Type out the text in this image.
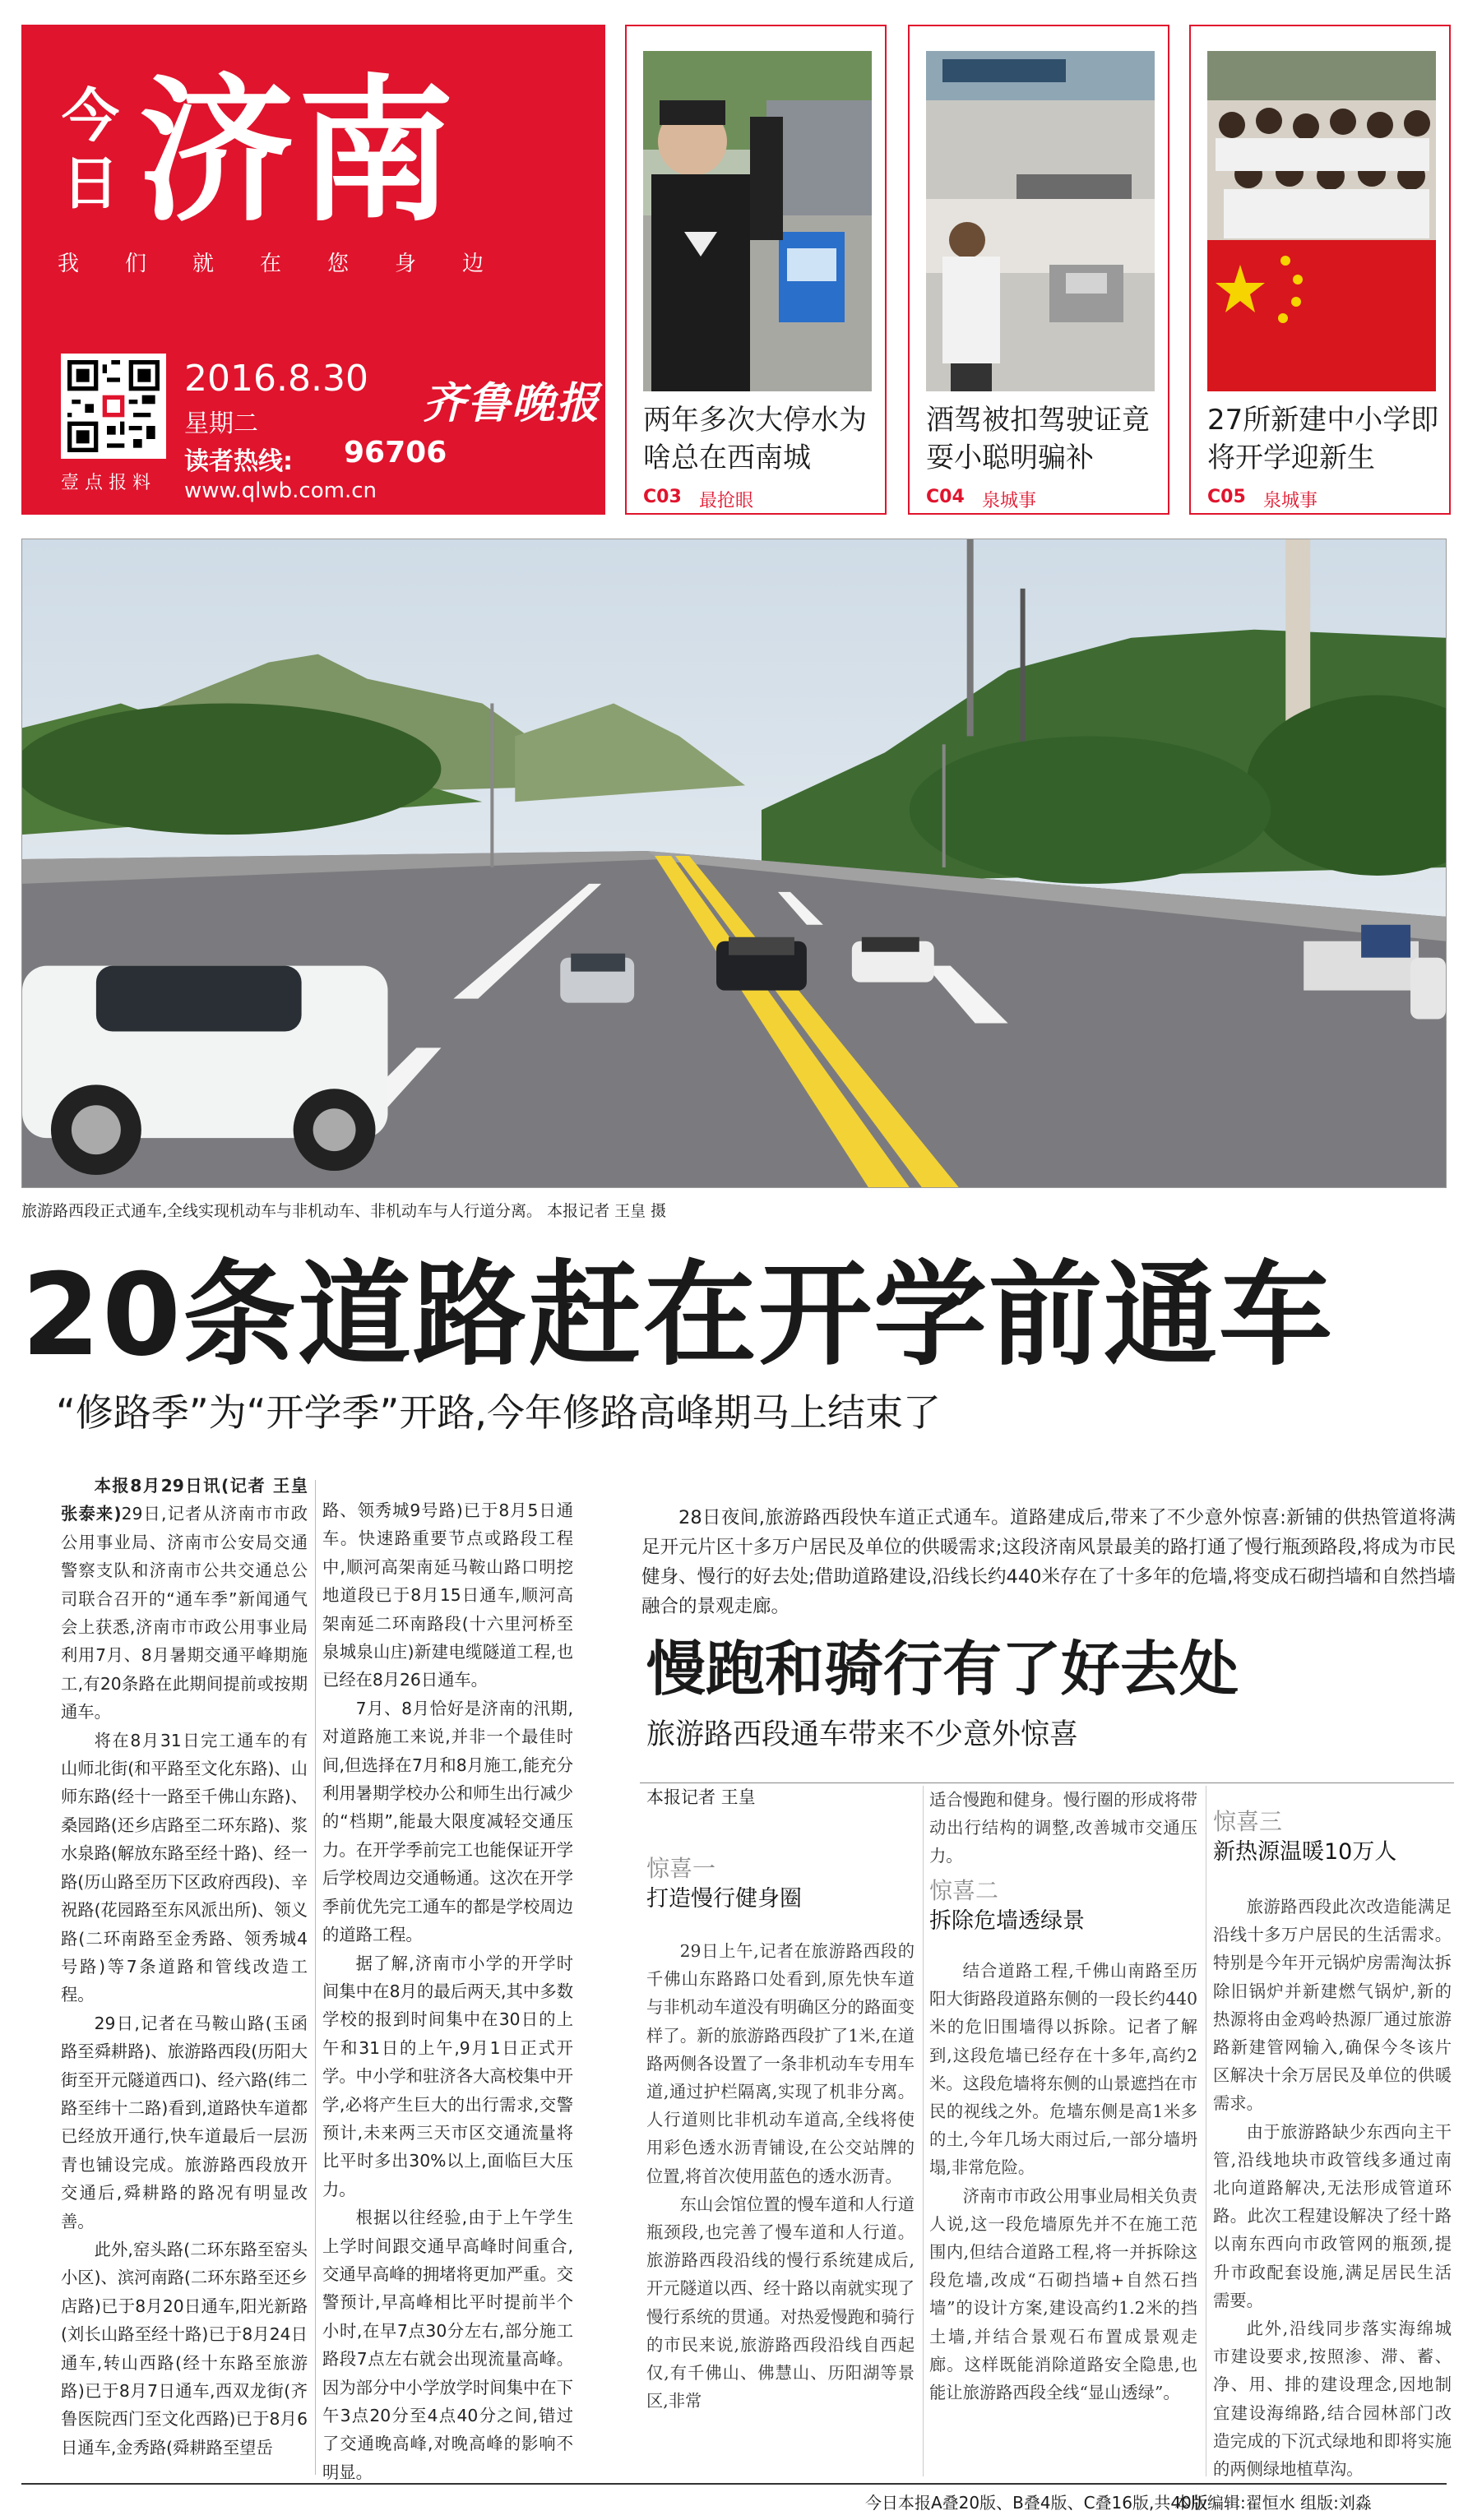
今日 济南
我们就在您身边
壹点报料
2016.8.30
星期二
读者热线: 96706
www.qlwb.com.cn
齐鲁晚报 两年多次大停水为啥总在西南城
C03 最抢眼
酒驾被扣驾驶证竟耍小聪明骗补
C04 泉城事
27所新建中小学即将开学迎新生
C05 泉城事
旅游路西段正式通车,全线实现机动车与非机动车、非机动车与人行道分离。 本报记者 王皇 摄
20条道路赶在开学前通车
“修路季”为“开学季”开路,今年修路高峰期马上结束了

本报8月29日讯(记者 王皇 张泰来)29日,记者从济南市市政公用事业局、济南市公安局交通警察支队和济南市公共交通总公司联合召开的“通车季”新闻通气会上获悉,济南市市政公用事业局利用7月、8月暑期交通平峰期施工,有20条路在此期间提前或按期通车。

将在8月31日完工通车的有山师北街(和平路至文化东路)、山师东路(经十一路至千佛山东路)、桑园路(还乡店路至二环东路)、浆水泉路(解放东路至经十路)、经一路(历山路至历下区政府西段)、辛祝路(花园路至东风派出所)、领义路(二环南路至金秀路、领秀城4号路)等7条道路和管线改造工程。

29日,记者在马鞍山路(玉函路至舜耕路)、旅游路西段(历阳大街至开元隧道西口)、经六路(纬二路至纬十二路)看到,道路快车道都已经放开通行,快车道最后一层沥青也铺设完成。旅游路西段放开交通后,舜耕路的路况有明显改善。

此外,窑头路(二环东路至窑头小区)、滨河南路(二环东路至还乡店路)已于8月20日通车,阳光新路(刘长山路至经十路)已于8月24日通车,转山西路(经十东路至旅游路)已于8月7日通车,西双龙街(齐鲁医院西门至文化西路)已于8月6日通车,金秀路(舜耕路至望岳

路、领秀城9号路)已于8月5日通车。快速路重要节点或路段工程中,顺河高架南延马鞍山路口明挖地道段已于8月15日通车,顺河高架南延二环南路段(十六里河桥至泉城泉山庄)新建电缆隧道工程,也已经在8月26日通车。

7月、8月恰好是济南的汛期,对道路施工来说,并非一个最佳时间,但选择在7月和8月施工,能充分利用暑期学校办公和师生出行减少的“档期”,能最大限度减轻交通压力。在开学季前完工也能保证开学后学校周边交通畅通。这次在开学季前优先完工通车的都是学校周边的道路工程。

据了解,济南市小学的开学时间集中在8月的最后两天,其中多数学校的报到时间集中在30日的上午和31日的上午,9月1日正式开学。中小学和驻济各大高校集中开学,必将产生巨大的出行需求,交警预计,未来两三天市区交通流量将比平时多出30%以上,面临巨大压力。

根据以往经验,由于上午学生上学时间跟交通早高峰时间重合,交通早高峰的拥堵将更加严重。交警预计,早高峰相比平时提前半个小时,在早7点30分左右,部分施工路段7点左右就会出现流量高峰。因为部分中小学放学时间集中在下午3点20分至4点40分之间,错过了交通晚高峰,对晚高峰的影响不明显。

28日夜间,旅游路西段快车道正式通车。道路建成后,带来了不少意外惊喜:新铺的供热管道将满足开元片区十多万户居民及单位的供暖需求;这段济南风景最美的路打通了慢行瓶颈路段,将成为市民健身、慢行的好去处;借助道路建设,沿线长约440米存在了十多年的危墙,将变成石砌挡墙和自然挡墙融合的景观走廊。
慢跑和骑行有了好去处
旅游路西段通车带来不少意外惊喜
本报记者 王皇
惊喜一
打造慢行健身圈

29日上午,记者在旅游路西段的千佛山东路路口处看到,原先快车道与非机动车道没有明确区分的路面变样了。新的旅游路西段扩了1米,在道路两侧各设置了一条非机动车专用车道,通过护栏隔离,实现了机非分离。人行道则比非机动车道高,全线将使用彩色透水沥青铺设,在公交站牌的位置,将首次使用蓝色的透水沥青。

东山会馆位置的慢车道和人行道瓶颈段,也完善了慢车道和人行道。旅游路西段沿线的慢行系统建成后,开元隧道以西、经十路以南就实现了慢行系统的贯通。对热爱慢跑和骑行的市民来说,旅游路西段沿线自西起仅,有千佛山、佛慧山、历阳湖等景区,非常

适合慢跑和健身。慢行圈的形成将带动出行结构的调整,改善城市交通压力。

惊喜二
拆除危墙透绿景

结合道路工程,千佛山南路至历阳大街路段道路东侧的一段长约440米的危旧围墙得以拆除。记者了解到,这段危墙已经存在十多年,高约2米。这段危墙将东侧的山景遮挡在市民的视线之外。危墙东侧是高1米多的土,今年几场大雨过后,一部分墙坍塌,非常危险。

济南市市政公用事业局相关负责人说,这一段危墙原先并不在施工范围内,但结合道路工程,将一并拆除这段危墙,改成“石砌挡墙+自然石挡墙”的设计方案,建设高约1.2米的挡土墙,并结合景观石布置成景观走廊。这样既能消除道路安全隐患,也能让旅游路西段全线“显山透绿”。

惊喜三
新热源温暖10万人

旅游路西段此次改造能满足沿线十多万户居民的生活需求。特别是今年开元锅炉房需淘汰拆除旧锅炉并新建燃气锅炉,新的热源将由金鸡岭热源厂通过旅游路新建管网输入,确保今冬该片区解决十余万居民及单位的供暖需求。

由于旅游路缺少东西向主干管,沿线地块市政管线多通过南北向道路解决,无法形成管道环路。此次工程建设解决了经十路以南东西向市政管网的瓶颈,提升市政配套设施,满足居民生活需要。

此外,沿线同步落实海绵城市建设要求,按照渗、滞、蓄、净、用、排的建设理念,因地制宜建设海绵路,结合园林部门改造完成的下沉式绿地和即将实施的两侧绿地植草沟。

今日本报A叠20版、B叠4版、C叠16版,共40版
本版编辑:翟恒水 组版:刘淼
